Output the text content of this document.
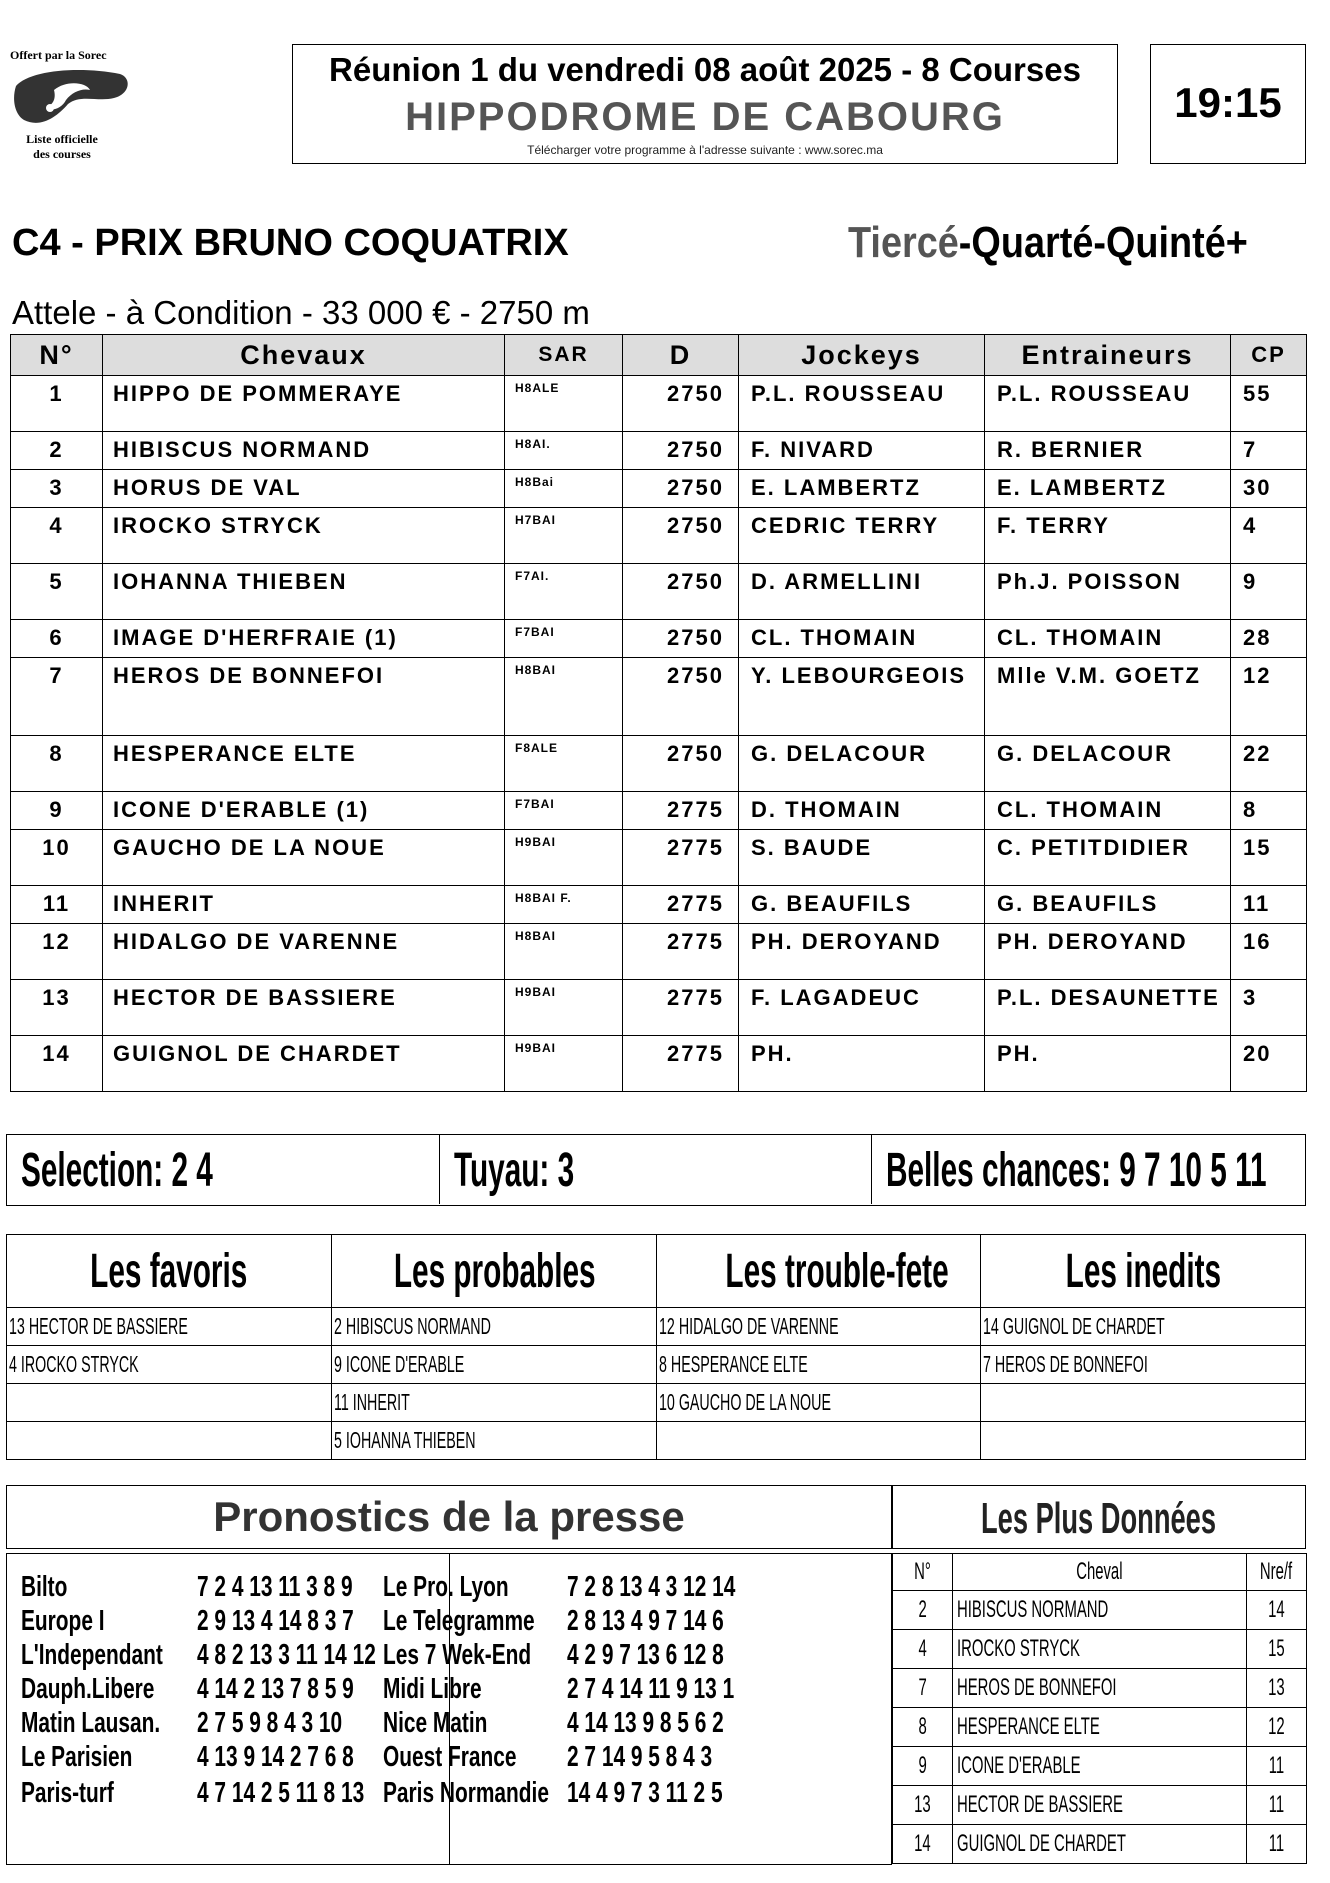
Offert par la Sorec
Liste officielle
des courses
Réunion 1 du vendredi 08 août 2025 - 8 Courses
HIPPODROME DE CABOURG
Télécharger votre programme à l'adresse suivante : www.sorec.ma
19:15
C4 - PRIX BRUNO COQUATRIX	Tiercé-Quarté-Quinté+
Attele - à Condition - 33 000 € - 2750 m
N°	Chevaux	SAR	D	Jockeys	Entraineurs	CP
1	HIPPO DE POMMERAYE	H8ALE	2750	P.L. ROUSSEAU	P.L. ROUSSEAU	55
2	HIBISCUS NORMAND	H8AI.	2750	F. NIVARD	R. BERNIER	7
3	HORUS DE VAL	H8Bai	2750	E. LAMBERTZ	E. LAMBERTZ	30
4	IROCKO STRYCK	H7BAI	2750	CEDRIC TERRY	F. TERRY	4
5	IOHANNA THIEBEN	F7AI.	2750	D. ARMELLINI	Ph.J. POISSON	9
6	IMAGE D'HERFRAIE (1)	F7BAI	2750	CL. THOMAIN	CL. THOMAIN	28
7	HEROS DE BONNEFOI	H8BAI	2750	Y. LEBOURGEOIS	Mlle V.M. GOETZ	12
8	HESPERANCE ELTE	F8ALE	2750	G. DELACOUR	G. DELACOUR	22
9	ICONE D'ERABLE (1)	F7BAI	2775	D. THOMAIN	CL. THOMAIN	8
10	GAUCHO DE LA NOUE	H9BAI	2775	S. BAUDE	C. PETITDIDIER	15
11	INHERIT	H8BAI F.	2775	G. BEAUFILS	G. BEAUFILS	11
12	HIDALGO DE VARENNE	H8BAI	2775	PH. DEROYAND	PH. DEROYAND	16
13	HECTOR DE BASSIERE	H9BAI	2775	F. LAGADEUC	P.L. DESAUNETTE	3
14	GUIGNOL DE CHARDET	H9BAI	2775	PH.	PH.	20
Selection: 2 4	Tuyau: 3	Belles chances: 9 7 10 5 11
Les favoris	Les probables	Les trouble-fete	Les inedits
13 HECTOR DE BASSIERE	2 HIBISCUS NORMAND	12 HIDALGO DE VARENNE	14 GUIGNOL DE CHARDET
4 IROCKO STRYCK	9 ICONE D'ERABLE	8 HESPERANCE ELTE	7 HEROS DE BONNEFOI
	11 INHERIT	10 GAUCHO DE LA NOUE	
	5 IOHANNA THIEBEN		
Pronostics de la presse	Les Plus Données
Bilto	7 2 4 13 11 3 8 9
Europe I	2 9 13 4 14 8 3 7
L'Independant	4 8 2 13 3 11 14 12
Dauph.Libere	4 14 2 13 7 8 5 9
Matin Lausan.	2 7 5 9 8 4 3 10
Le Parisien	4 13 9 14 2 7 6 8
Paris-turf	4 7 14 2 5 11 8 13
Le Pro. Lyon	7 2 8 13 4 3 12 14
Le Telegramme	2 8 13 4 9 7 14 6
Les 7 Wek-End	4 2 9 7 13 6 12 8
Midi Libre	2 7 4 14 11 9 13 1
Nice Matin	4 14 13 9 8 5 6 2
Ouest France	2 7 14 9 5 8 4 3
Paris Normandie 14 4 9 7 3 11 2 5
N°	Cheval	Nre/f
2	HIBISCUS NORMAND	14
4	IROCKO STRYCK	15
7	HEROS DE BONNEFOI	13
8	HESPERANCE ELTE	12
9	ICONE D'ERABLE	11
13	HECTOR DE BASSIERE	11
14	GUIGNOL DE CHARDET	11
